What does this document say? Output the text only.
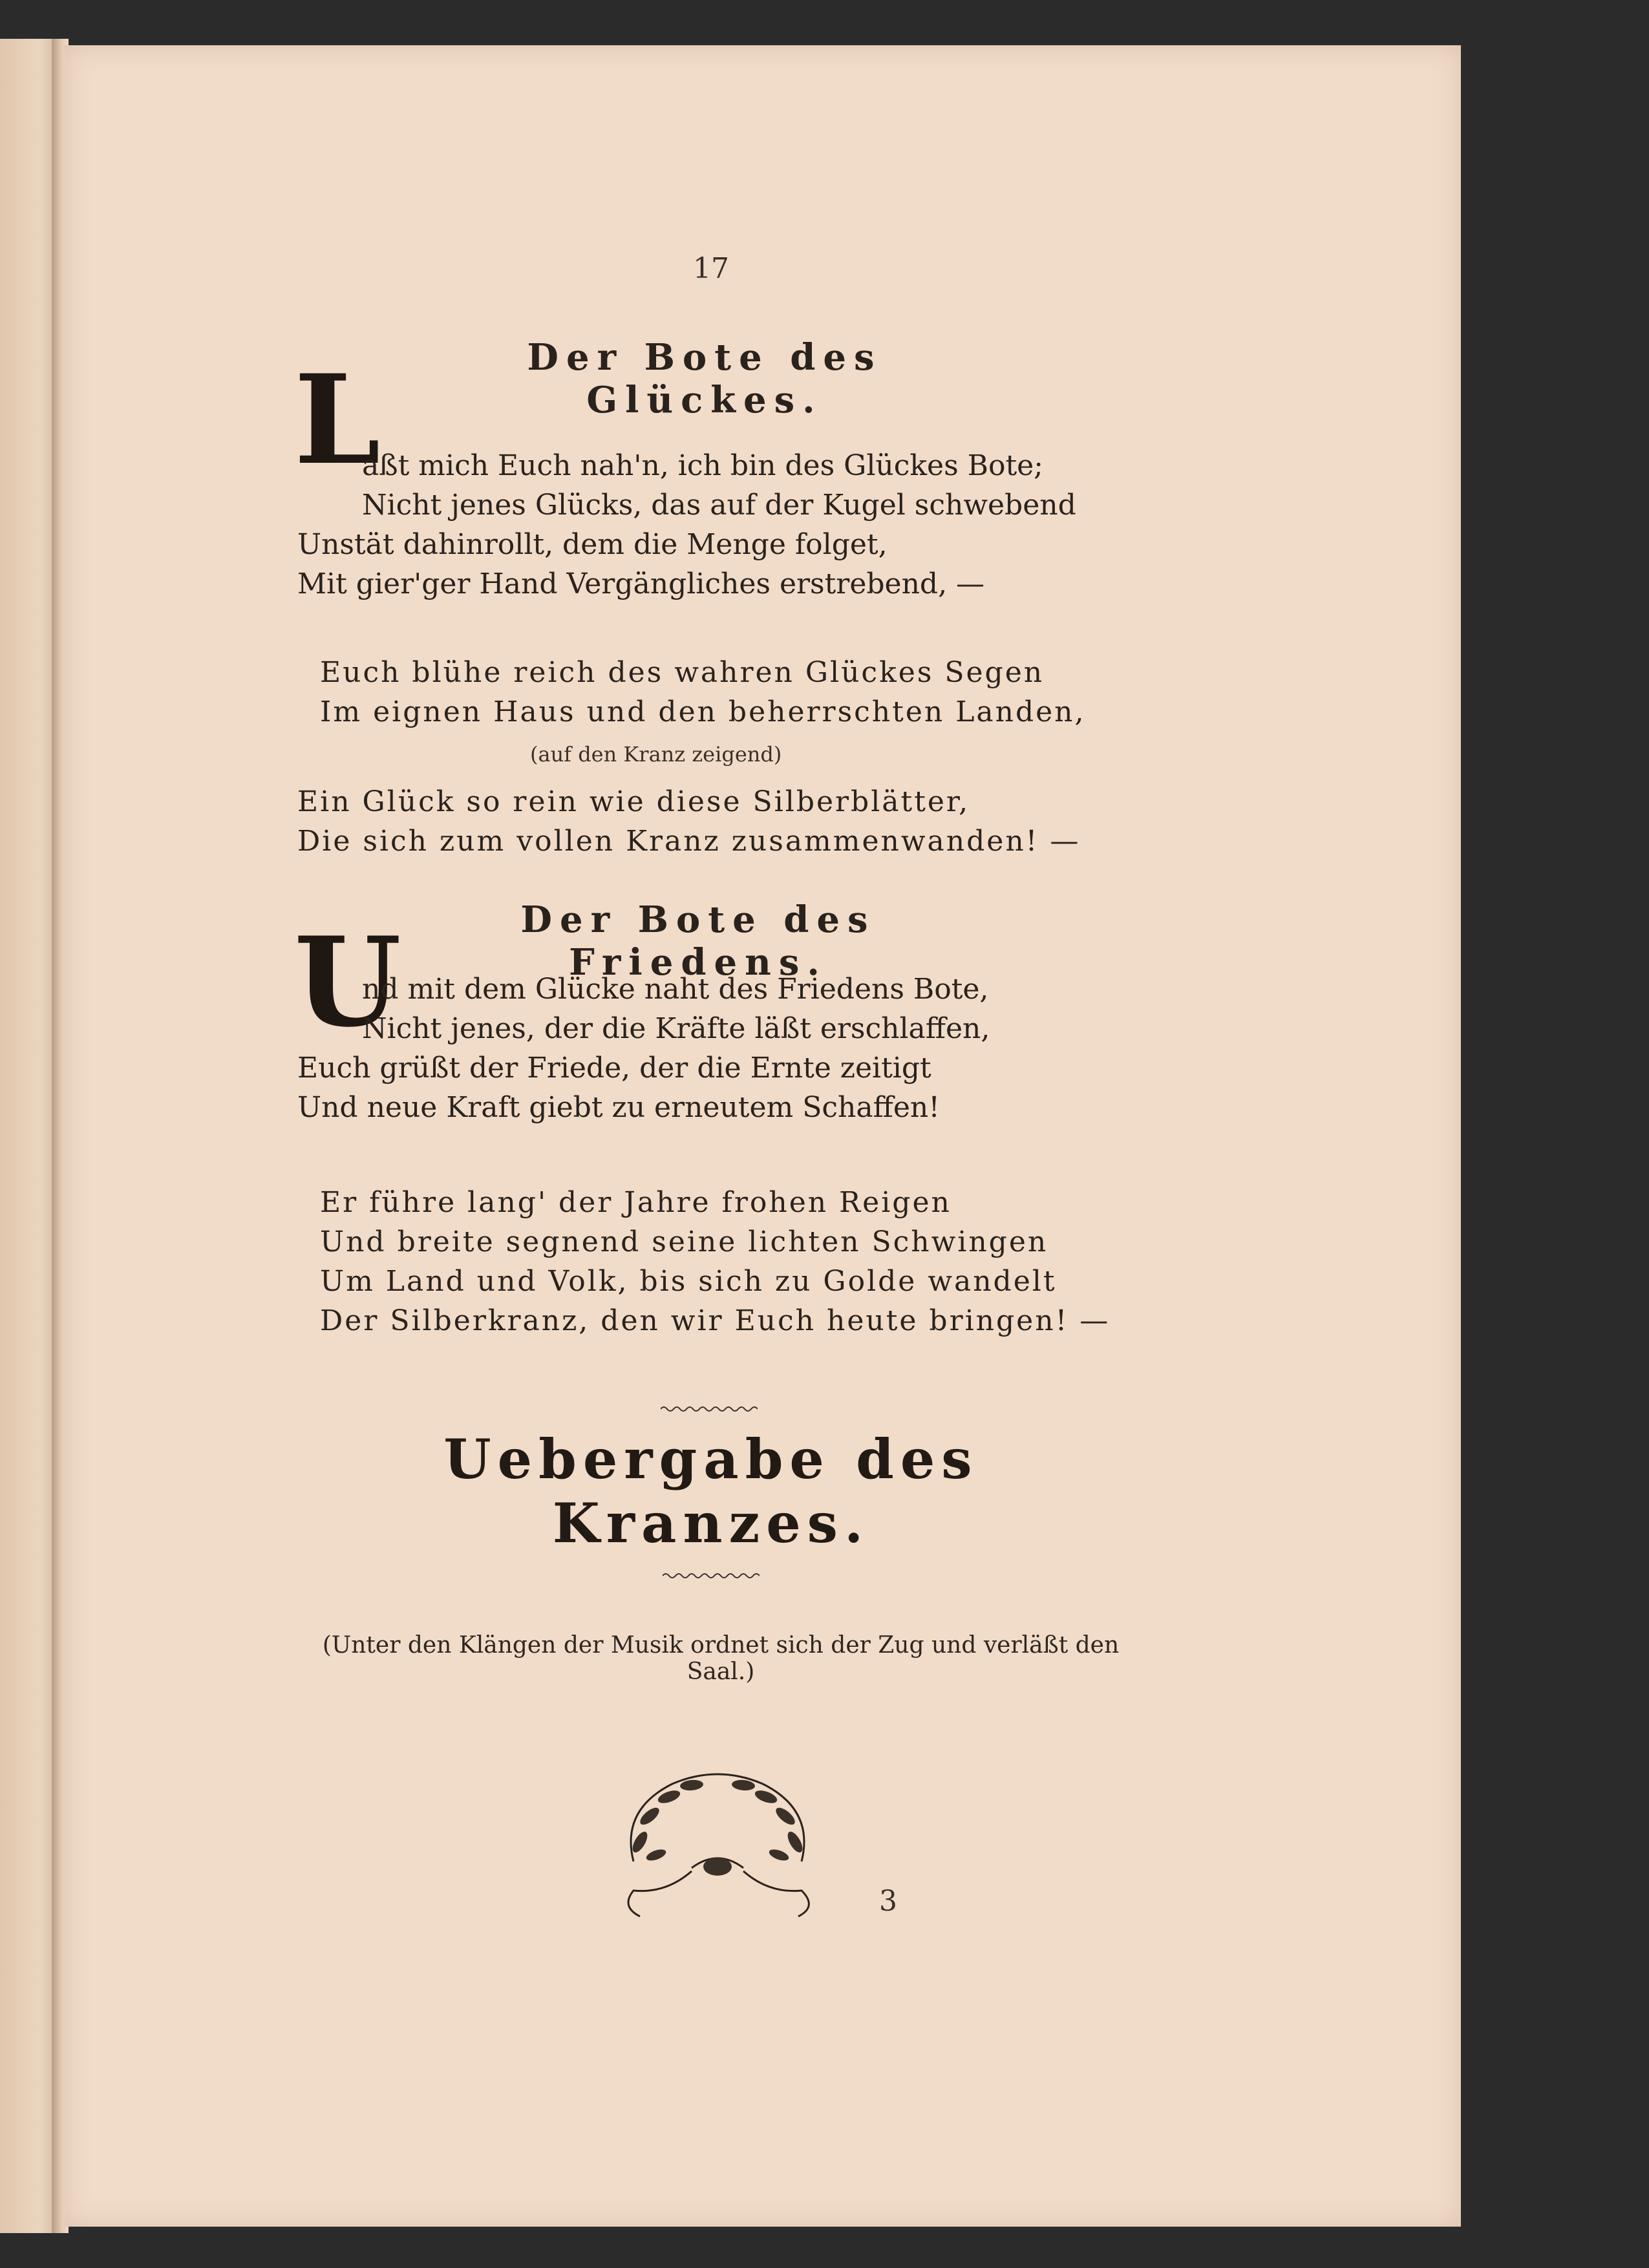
17
Der Bote des Glückes.
L
aßt mich Euch nah'n, ich bin des Glückes Bote;
Nicht jenes Glücks, das auf der Kugel schwebend
Unstät dahinrollt, dem die Menge folget,
Mit gier'ger Hand Vergängliches erstrebend, —
Euch blühe reich des wahren Glückes Segen
Im eignen Haus und den beherrschten Landen,
(auf den Kranz zeigend)
Ein Glück so rein wie diese Silberblätter,
Die sich zum vollen Kranz zusammenwanden! —
Der Bote des Friedens.
U
nd mit dem Glücke naht des Friedens Bote,
Nicht jenes, der die Kräfte läßt erschlaffen,
Euch grüßt der Friede, der die Ernte zeitigt
Und neue Kraft giebt zu erneutem Schaffen!
Er führe lang' der Jahre frohen Reigen
Und breite segnend seine lichten Schwingen
Um Land und Volk, bis sich zu Golde wandelt
Der Silberkranz, den wir Euch heute bringen! —
Uebergabe des Kranzes.
(Unter den Klängen der Musik ordnet sich der Zug und verläßt den Saal.)
3
